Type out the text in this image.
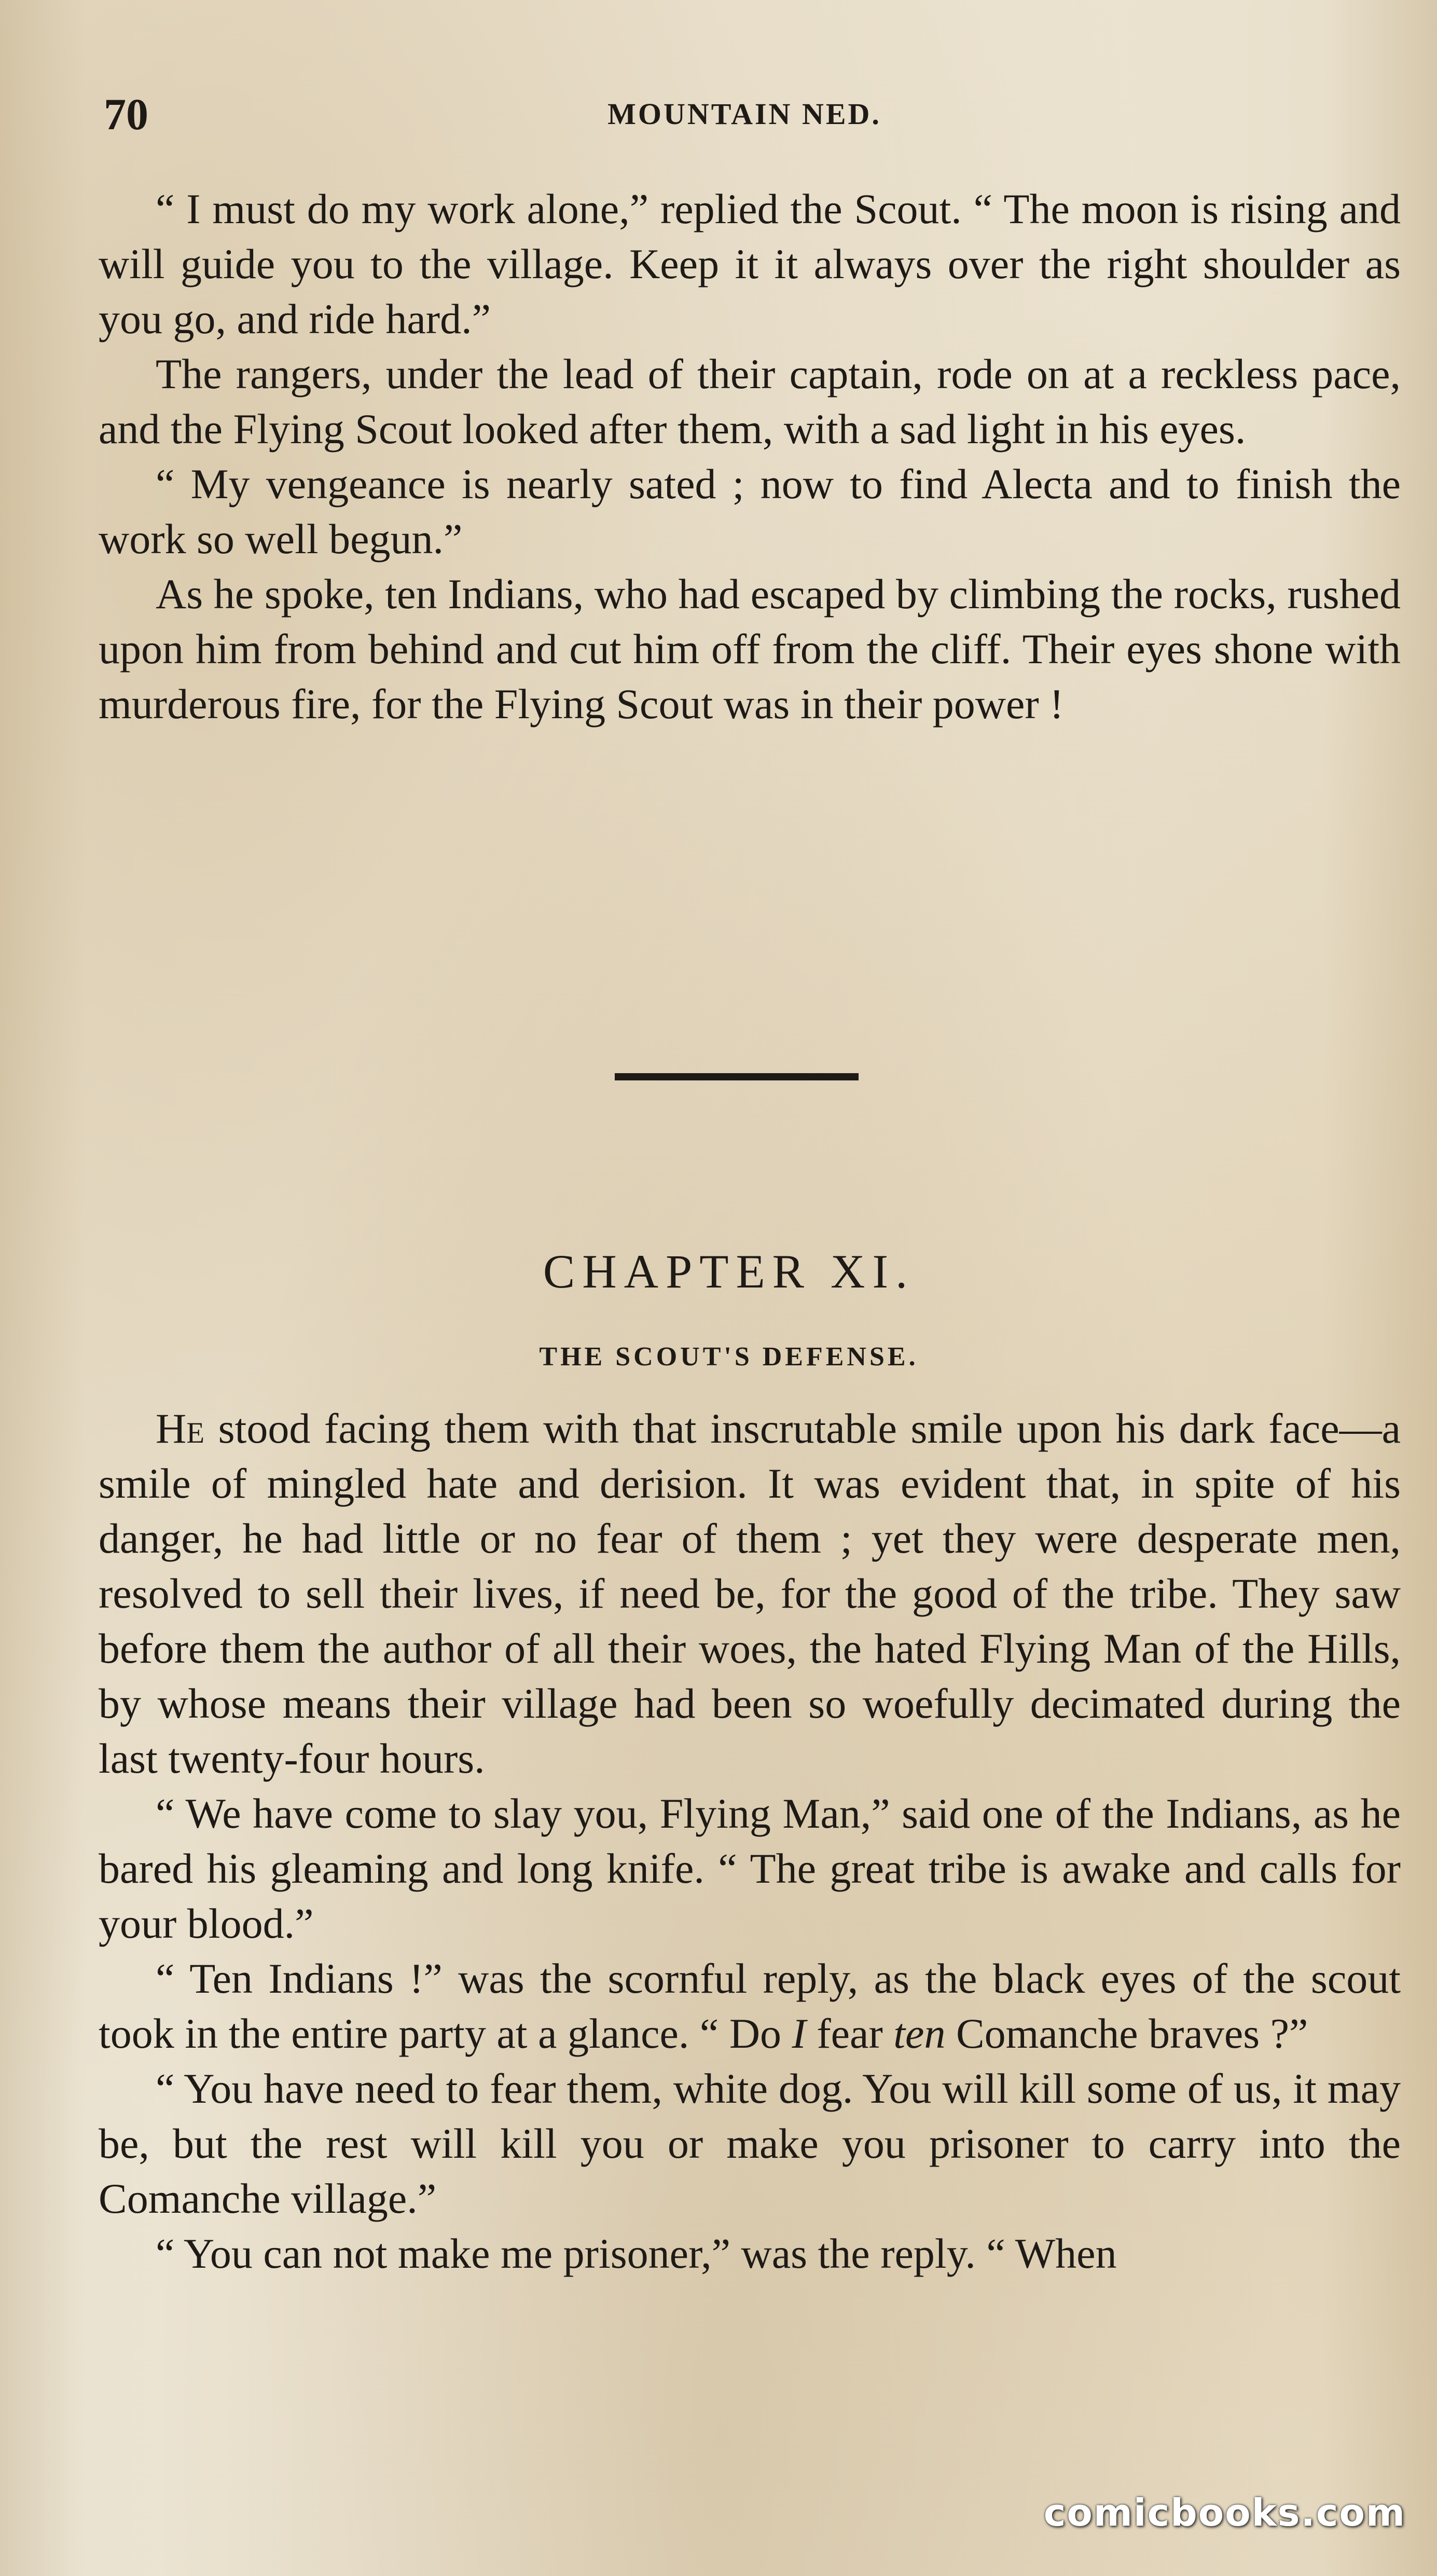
70	MOUNTAIN NED.

“ I must do my work alone,” replied the Scout. “ The moon is rising and will guide you to the village. Keep it it always over the right shoulder as you go, and ride hard.”

The rangers, under the lead of their captain, rode on at a reckless pace, and the Flying Scout looked after them, with a sad light in his eyes.

“ My vengeance is nearly sated ; now to find Alecta and to finish the work so well begun.”

As he spoke, ten Indians, who had escaped by climbing the rocks, rushed upon him from behind and cut him off from the cliff. Their eyes shone with murderous fire, for the Flying Scout was in their power !

CHAPTER XI.
THE SCOUT'S DEFENSE.

He stood facing them with that inscrutable smile upon his dark face—a smile of mingled hate and derision. It was evident that, in spite of his danger, he had little or no fear of them ; yet they were desperate men, resolved to sell their lives, if need be, for the good of the tribe. They saw before them the author of all their woes, the hated Flying Man of the Hills, by whose means their village had been so woefully decimated during the last twenty-four hours.

“ We have come to slay you, Flying Man,” said one of the Indians, as he bared his gleaming and long knife. “ The great tribe is awake and calls for your blood.”

“ Ten Indians !” was the scornful reply, as the black eyes of the scout took in the entire party at a glance. “ Do I fear ten Comanche braves ?”

“ You have need to fear them, white dog. You will kill some of us, it may be, but the rest will kill you or make you prisoner to carry into the Comanche village.”

“ You can not make me prisoner,” was the reply. “ When

comicbooks.com
